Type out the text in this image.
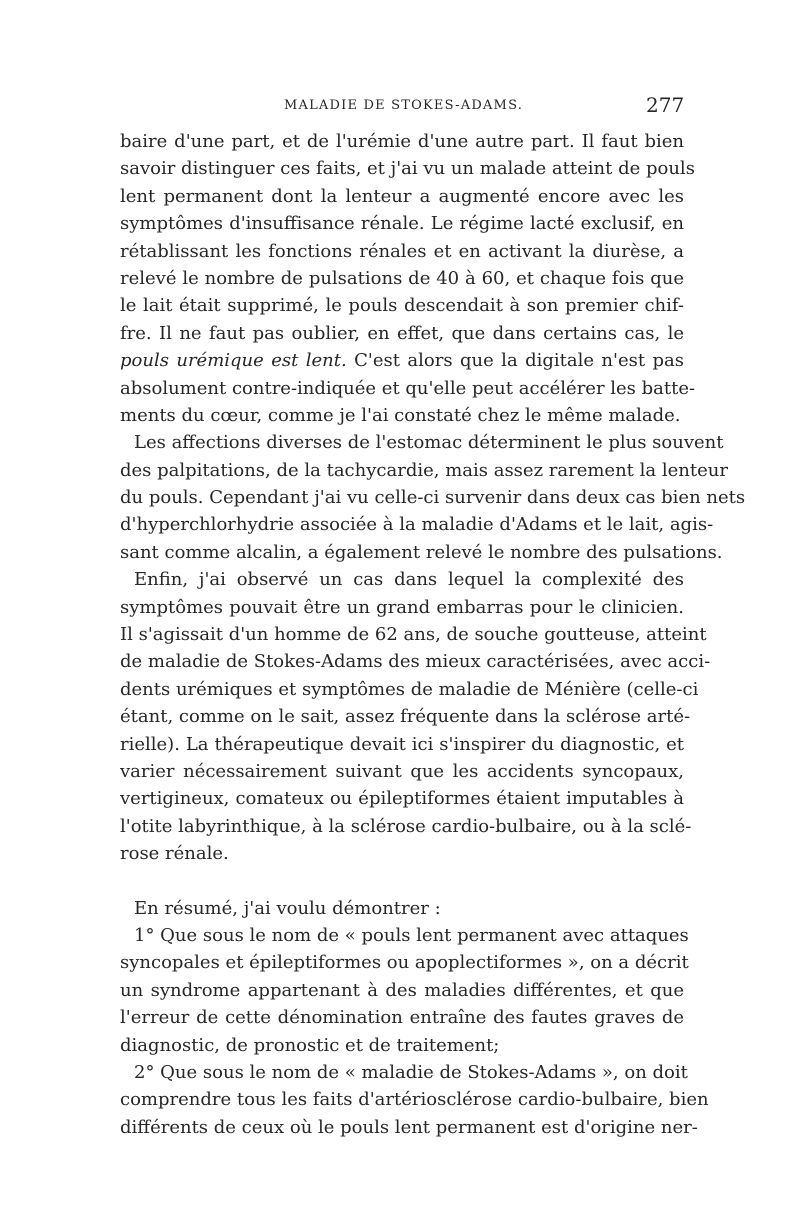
MALADIE DE STOKES-ADAMS.	277
baire d'une part, et de l'urémie d'une autre part. Il faut bien
savoir distinguer ces faits, et j'ai vu un malade atteint de pouls
lent permanent dont la lenteur a augmenté encore avec les
symptômes d'insuffisance rénale. Le régime lacté exclusif, en
rétablissant les fonctions rénales et en activant la diurèse, a
relevé le nombre de pulsations de 40 à 60, et chaque fois que
le lait était supprimé, le pouls descendait à son premier chif-
fre. Il ne faut pas oublier, en effet, que dans certains cas, le
pouls urémique est lent. C'est alors que la digitale n'est pas
absolument contre-indiquée et qu'elle peut accélérer les batte-
ments du cœur, comme je l'ai constaté chez le même malade.
Les affections diverses de l'estomac déterminent le plus souvent
des palpitations, de la tachycardie, mais assez rarement la lenteur
du pouls. Cependant j'ai vu celle-ci survenir dans deux cas bien nets
d'hyperchlorhydrie associée à la maladie d'Adams et le lait, agis-
sant comme alcalin, a également relevé le nombre des pulsations.
Enfin, j'ai observé un cas dans lequel la complexité des
symptômes pouvait être un grand embarras pour le clinicien.
Il s'agissait d'un homme de 62 ans, de souche goutteuse, atteint
de maladie de Stokes-Adams des mieux caractérisées, avec acci-
dents urémiques et symptômes de maladie de Ménière (celle-ci
étant, comme on le sait, assez fréquente dans la sclérose arté-
rielle). La thérapeutique devait ici s'inspirer du diagnostic, et
varier nécessairement suivant que les accidents syncopaux,
vertigineux, comateux ou épileptiformes étaient imputables à
l'otite labyrinthique, à la sclérose cardio-bulbaire, ou à la sclé-
rose rénale.
En résumé, j'ai voulu démontrer :
1° Que sous le nom de « pouls lent permanent avec attaques
syncopales et épileptiformes ou apoplectiformes », on a décrit
un syndrome appartenant à des maladies différentes, et que
l'erreur de cette dénomination entraîne des fautes graves de
diagnostic, de pronostic et de traitement;
2° Que sous le nom de « maladie de Stokes-Adams », on doit
comprendre tous les faits d'artériosclérose cardio-bulbaire, bien
différents de ceux où le pouls lent permanent est d'origine ner-
